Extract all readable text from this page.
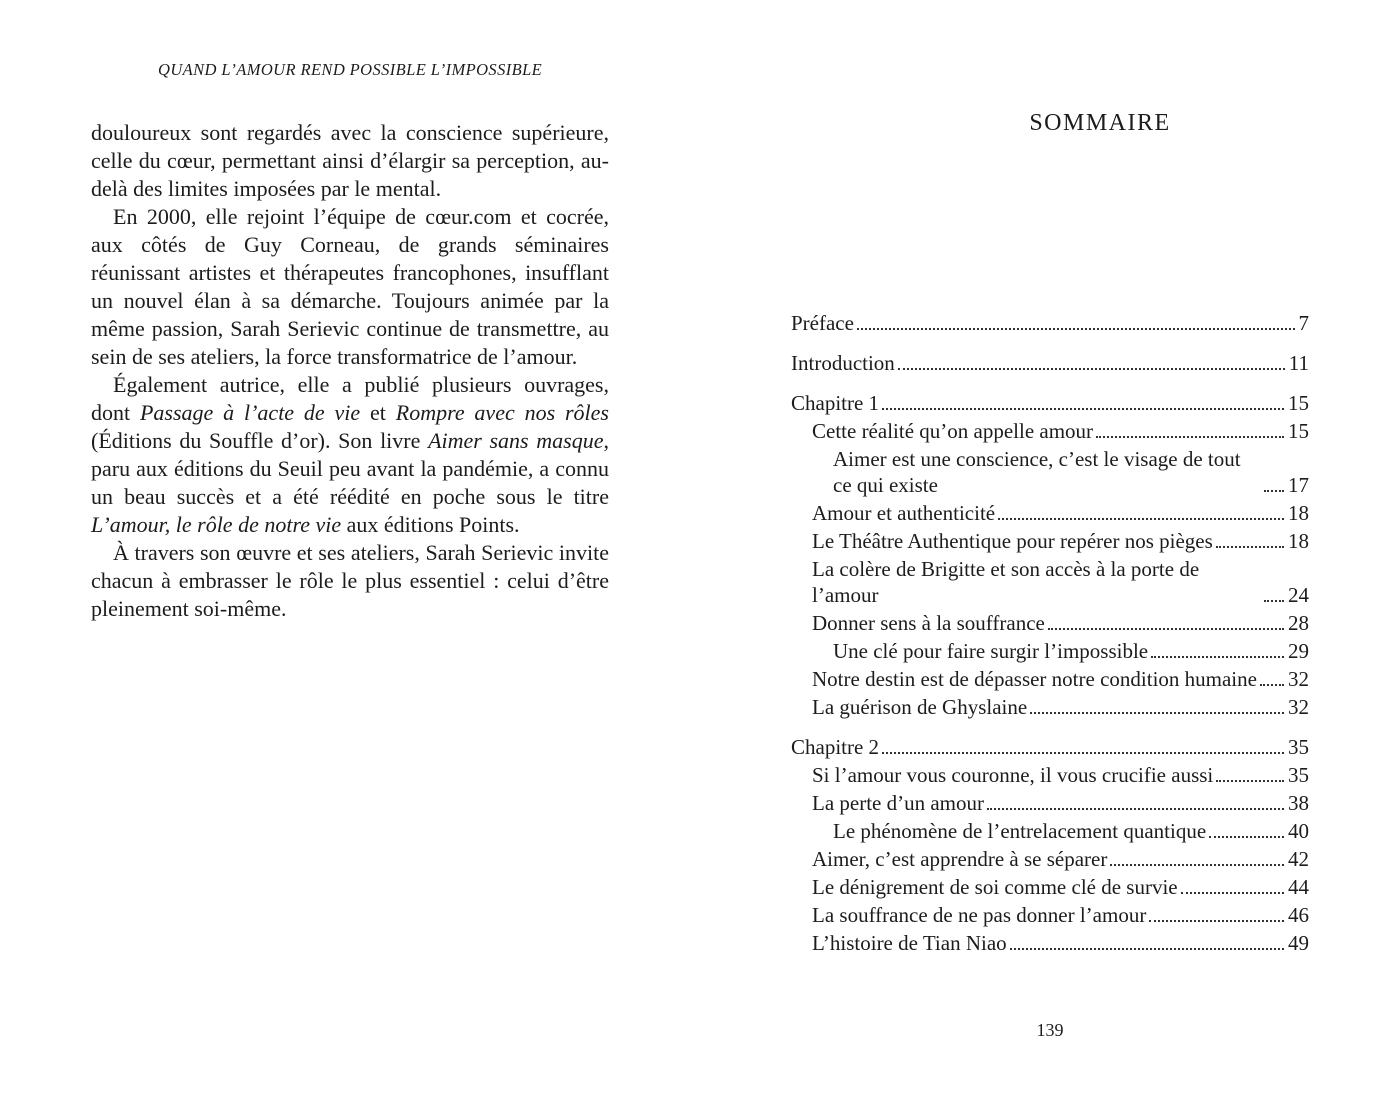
QUAND L’AMOUR REND POSSIBLE L’IMPOSSIBLE

douloureux sont regardés avec la conscience supérieure, celle du cœur, permettant ainsi d’élargir sa perception, au-delà des limites imposées par le mental.

En 2000, elle rejoint l’équipe de cœur.com et cocrée, aux côtés de Guy Corneau, de grands séminaires réunissant artistes et thérapeutes francophones, insufflant un nouvel élan à sa démarche. Toujours animée par la même passion, Sarah Serievic continue de transmettre, au sein de ses ateliers, la force transformatrice de l’amour.

Également autrice, elle a publié plusieurs ouvrages, dont Passage à l’acte de vie et Rompre avec nos rôles (Éditions du Souffle d’or). Son livre Aimer sans masque, paru aux éditions du Seuil peu avant la pandémie, a connu un beau succès et a été réédité en poche sous le titre L’amour, le rôle de notre vie aux éditions Points.

À travers son œuvre et ses ateliers, Sarah Serievic invite chacun à embrasser le rôle le plus essentiel : celui d’être pleinement soi-même.

SOMMAIRE
Préface	7
Introduction	11
Chapitre 1	15
Cette réalité qu’on appelle amour	15
Aimer est une conscience, c’est le visage de tout ce qui existe	17
Amour et authenticité	18
Le Théâtre Authentique pour repérer nos pièges	18
La colère de Brigitte et son accès à la porte de l’amour	24
Donner sens à la souffrance	28
Une clé pour faire surgir l’impossible	29
Notre destin est de dépasser notre condition humaine 32
La guérison de Ghyslaine	32
Chapitre 2	35
Si l’amour vous couronne, il vous crucifie aussi	35
La perte d’un amour	38
Le phénomène de l’entrelacement quantique	40
Aimer, c’est apprendre à se séparer	42
Le dénigrement de soi comme clé de survie	44
La souffrance de ne pas donner l’amour	46
L’histoire de Tian Niao	49
139
